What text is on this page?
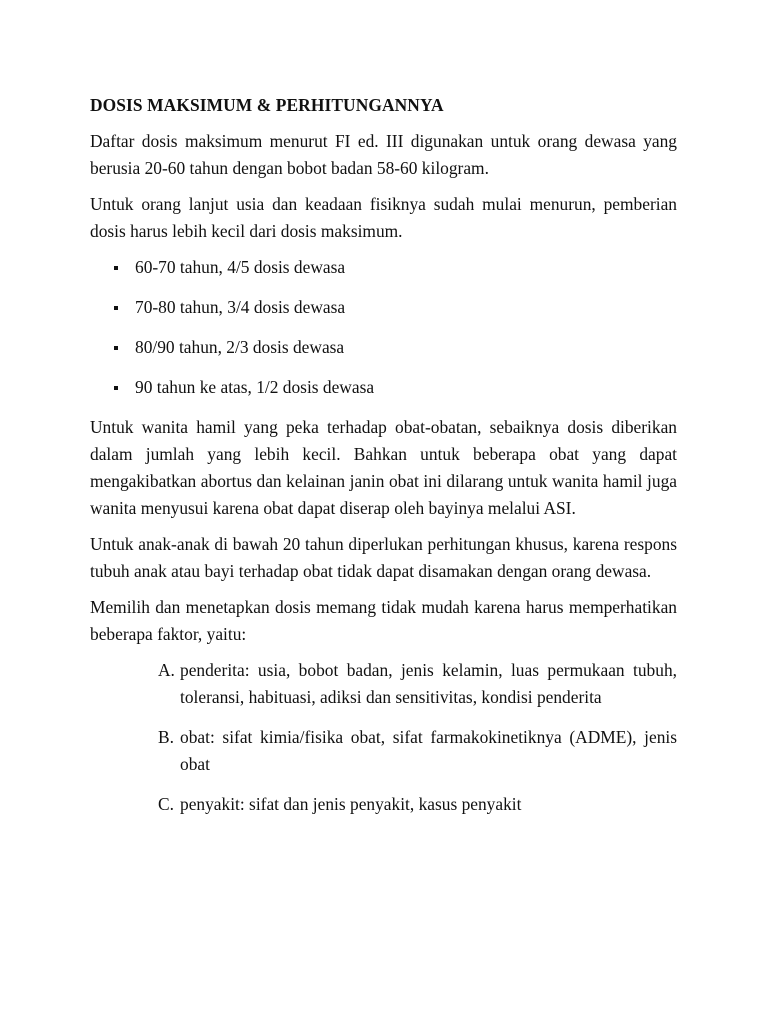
DOSIS MAKSIMUM & PERHITUNGANNYA

Daftar dosis maksimum menurut FI ed. III digunakan untuk orang dewasa yang berusia 20-60 tahun dengan bobot badan 58-60 kilogram.

Untuk orang lanjut usia dan keadaan fisiknya sudah mulai menurun, pemberian dosis harus lebih kecil dari dosis maksimum.

60-70 tahun, 4/5 dosis dewasa
70-80 tahun, 3/4 dosis dewasa
80/90 tahun, 2/3 dosis dewasa
90 tahun ke atas, 1/2 dosis dewasa

Untuk wanita hamil yang peka terhadap obat-obatan, sebaiknya dosis diberikan dalam jumlah yang lebih kecil. Bahkan untuk beberapa obat yang dapat mengakibatkan abortus dan kelainan janin obat ini dilarang untuk wanita hamil juga wanita menyusui karena obat dapat diserap oleh bayinya melalui ASI.

Untuk anak-anak di bawah 20 tahun diperlukan perhitungan khusus, karena respons tubuh anak atau bayi terhadap obat tidak dapat disamakan dengan orang dewasa.

Memilih dan menetapkan dosis memang tidak mudah karena harus memperhatikan beberapa faktor, yaitu:

A. penderita: usia, bobot badan, jenis kelamin, luas permukaan tubuh, toleransi, habituasi, adiksi dan sensitivitas, kondisi penderita
B. obat: sifat kimia/fisika obat, sifat farmakokinetiknya (ADME), jenis obat
C. penyakit: sifat dan jenis penyakit, kasus penyakit
